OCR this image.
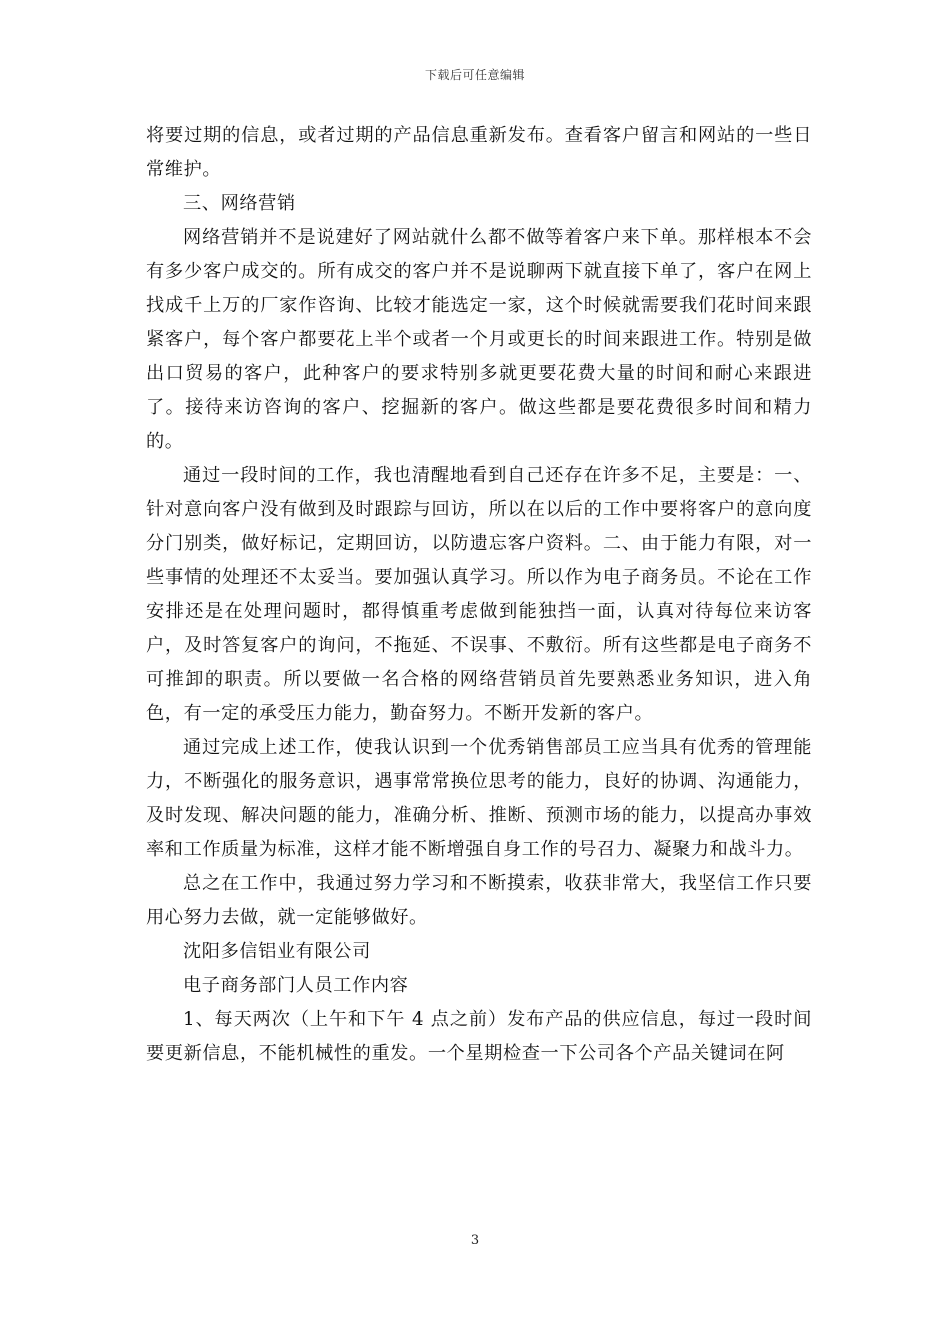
下载后可任意编辑

将要过期的信息，或者过期的产品信息重新发布。查看客户留言和网站的一些日常维护。

三、网络营销

网络营销并不是说建好了网站就什么都不做等着客户来下单。那样根本不会有多少客户成交的。所有成交的客户并不是说聊两下就直接下单了，客户在网上找成千上万的厂家作咨询、比较才能选定一家，这个时候就需要我们花时间来跟紧客户，每个客户都要花上半个或者一个月或更长的时间来跟进工作。特别是做出口贸易的客户，此种客户的要求特别多就更要花费大量的时间和耐心来跟进了。接待来访咨询的客户、挖掘新的客户。做这些都是要花费很多时间和精力的。

通过一段时间的工作，我也清醒地看到自己还存在许多不足，主要是：一、针对意向客户没有做到及时跟踪与回访，所以在以后的工作中要将客户的意向度分门别类，做好标记，定期回访，以防遗忘客户资料。二、由于能力有限，对一些事情的处理还不太妥当。要加强认真学习。所以作为电子商务员。不论在工作安排还是在处理问题时，都得慎重考虑做到能独挡一面，认真对待每位来访客户，及时答复客户的询问，不拖延、不误事、不敷衍。所有这些都是电子商务不可推卸的职责。所以要做一名合格的网络营销员首先要熟悉业务知识，进入角色，有一定的承受压力能力，勤奋努力。不断开发新的客户。

通过完成上述工作，使我认识到一个优秀销售部员工应当具有优秀的管理能力，不断强化的服务意识，遇事常常换位思考的能力，良好的协调、沟通能力，及时发现、解决问题的能力，准确分析、推断、预测市场的能力，以提高办事效率和工作质量为标准，这样才能不断增强自身工作的号召力、凝聚力和战斗力。

总之在工作中，我通过努力学习和不断摸索，收获非常大，我坚信工作只要用心努力去做，就一定能够做好。

沈阳多信铝业有限公司

电子商务部门人员工作内容

1、每天两次（上午和下午 4 点之前）发布产品的供应信息，每过一段时间要更新信息，不能机械性的重发。一个星期检查一下公司各个产品关键词在阿

3
